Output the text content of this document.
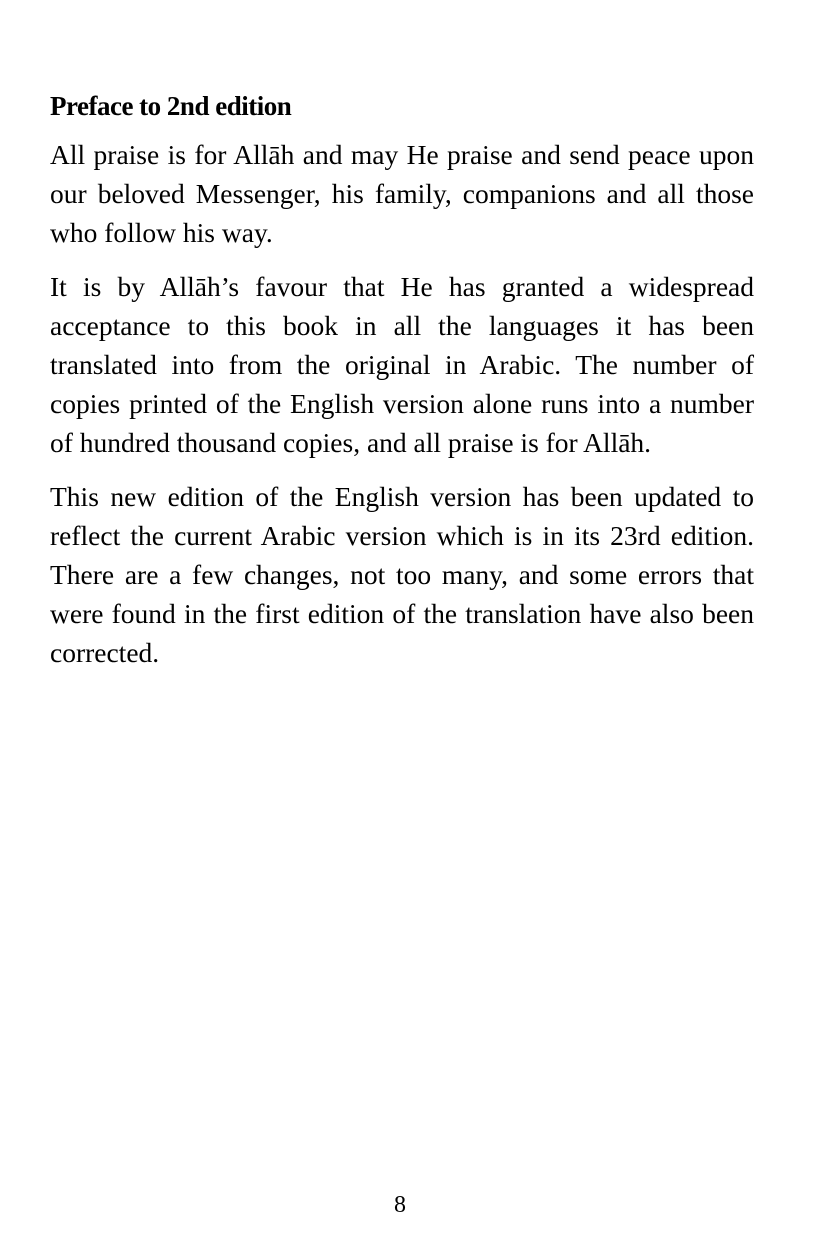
Preface to 2nd edition

All praise is for Allāh and may He praise and send peace upon our beloved Messenger, his family, companions and all those who follow his way.

It is by Allāh’s favour that He has granted a widespread acceptance to this book in all the languages it has been translated into from the original in Arabic. The number of copies printed of the English version alone runs into a number of hundred thousand copies, and all praise is for Allāh.

This new edition of the English version has been updated to reflect the current Arabic version which is in its 23rd edition. There are a few changes, not too many, and some errors that were found in the first edition of the translation have also been corrected.

8
